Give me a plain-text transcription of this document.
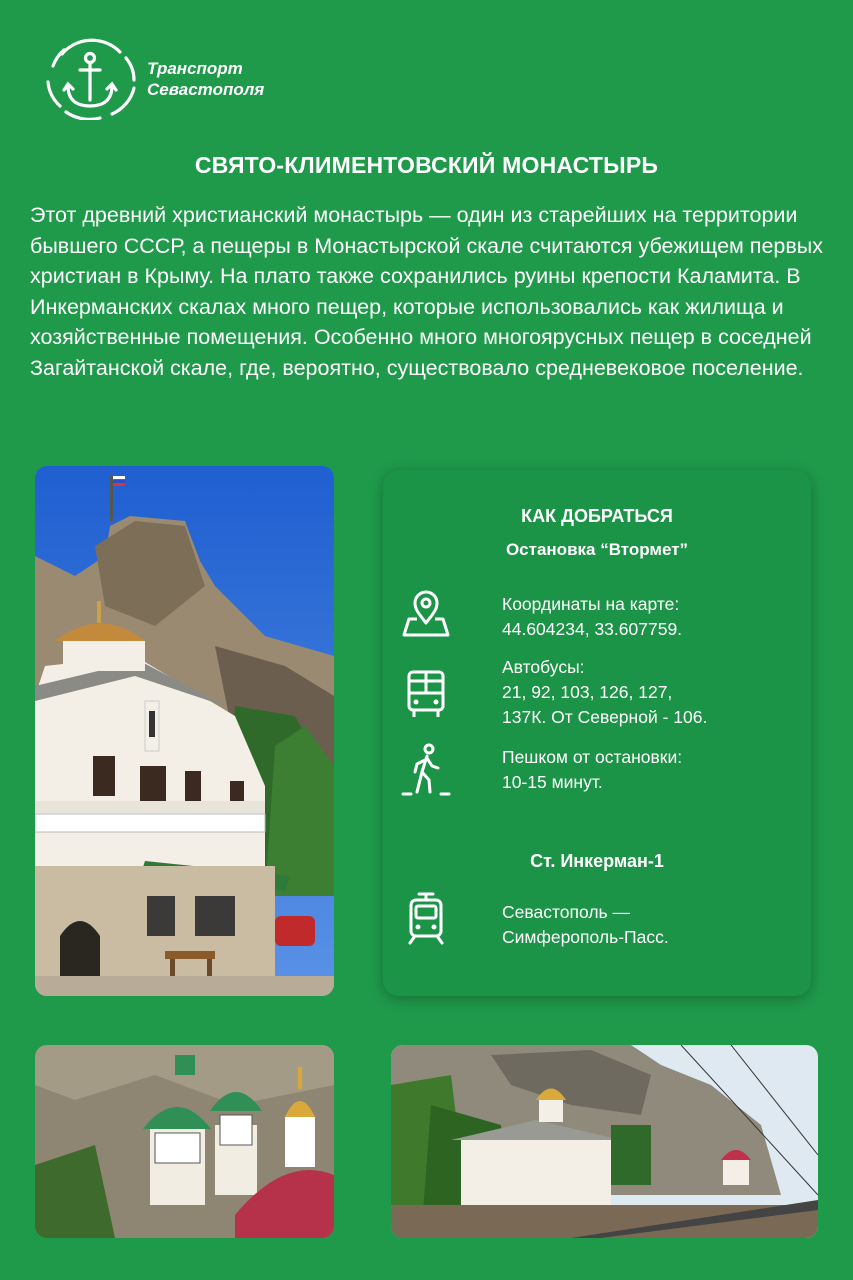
Транспорт
Севастополя
СВЯТО-КЛИМЕНТОВСКИЙ МОНАСТЫРЬ
Этот древний христианский монастырь — один из старейших на территории бывшего СССР, а пещеры в Монастырской скале считаются убежищем первых христиан в Крыму. На плато также сохранились руины крепости Каламита. В Инкерманских скалах много пещер, которые использовались как жилища и хозяйственные помещения. Особенно много многоярусных пещер в соседней Загайтанской скале, где, вероятно, существовало средневековое поселение.
КАК ДОБРАТЬСЯ
Остановка “Втормет”
Координаты на карте:
44.604234, 33.607759.
Автобусы:
21, 92, 103, 126, 127,
137К. От Северной - 106.
Пешком от остановки:
10-15 минут.
Ст. Инкерман-1
Севастополь —
Симферополь-Пасс.
